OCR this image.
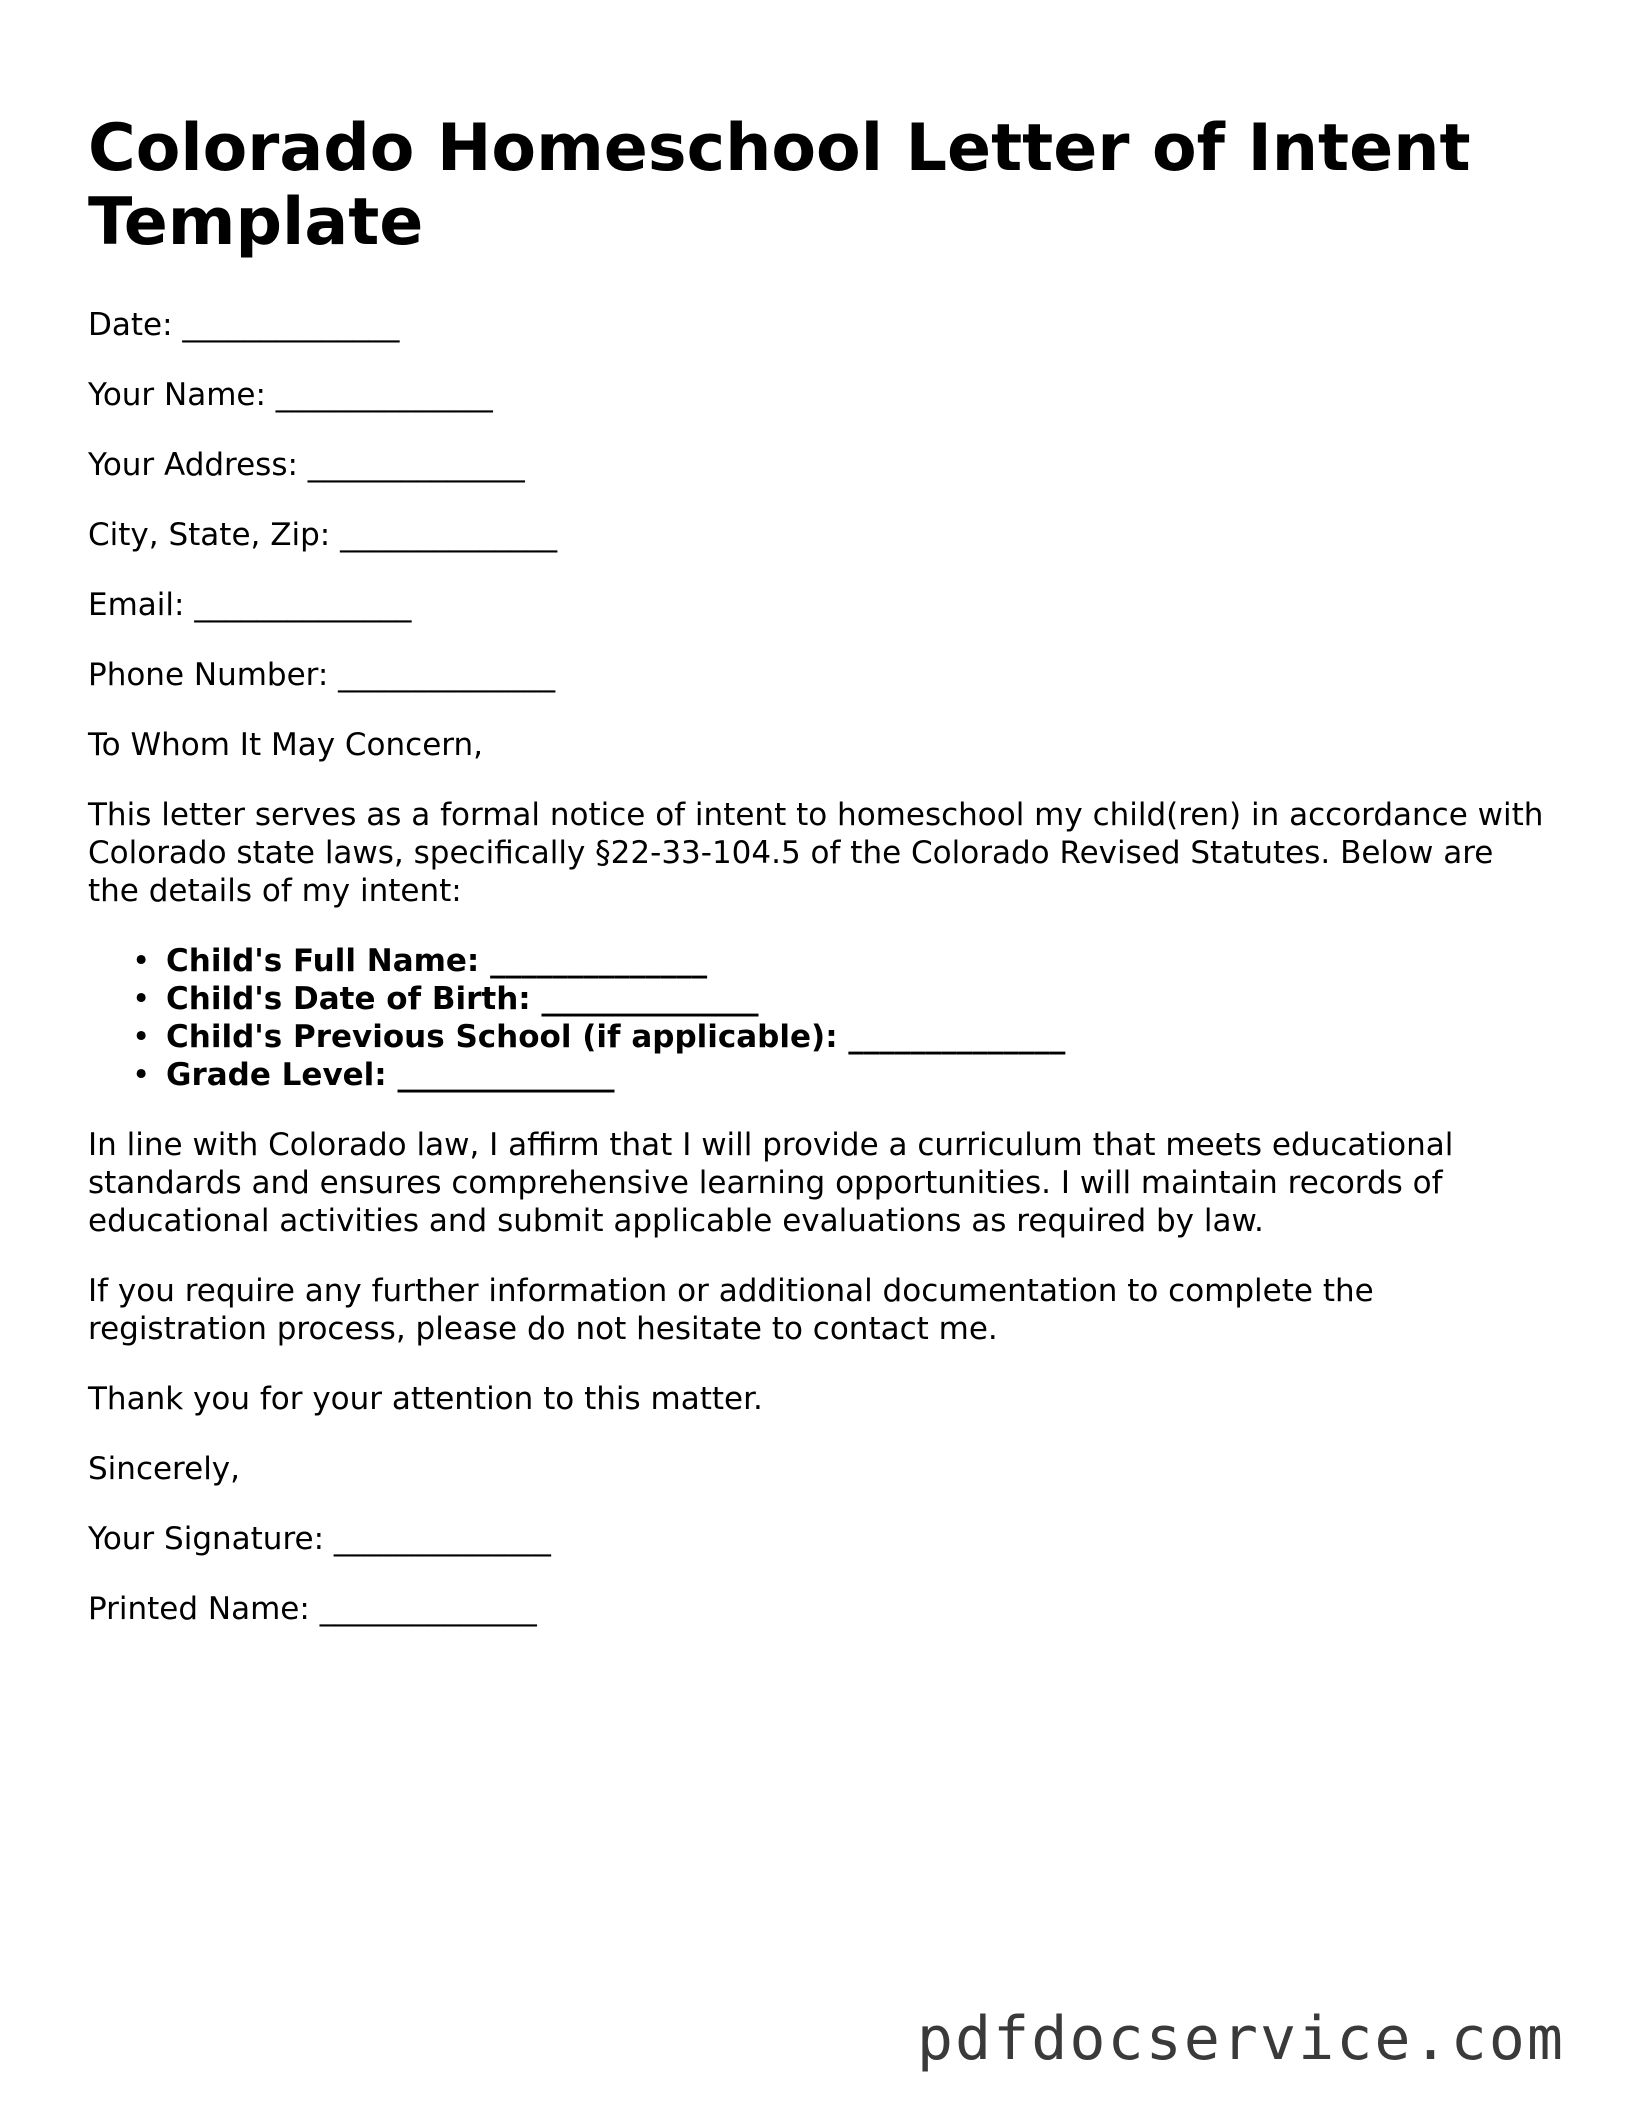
Colorado Homeschool Letter of Intent Template
Date: ______________
Your Name: ______________
Your Address: ______________
City, State, Zip: ______________
Email: ______________
Phone Number: ______________

To Whom It May Concern,

This letter serves as a formal notice of intent to homeschool my child(ren) in accordance with Colorado state laws, specifically §22-33-104.5 of the Colorado Revised Statutes. Below are the details of my intent:

• Child's Full Name: ______________
• Child's Date of Birth: ______________
• Child's Previous School (if applicable): ______________
• Grade Level: ______________

In line with Colorado law, I affirm that I will provide a curriculum that meets educational standards and ensures comprehensive learning opportunities. I will maintain records of educational activities and submit applicable evaluations as required by law.

If you require any further information or additional documentation to complete the registration process, please do not hesitate to contact me.

Thank you for your attention to this matter.

Sincerely,

Your Signature: ______________
Printed Name: ______________
pdfdocservice.com
